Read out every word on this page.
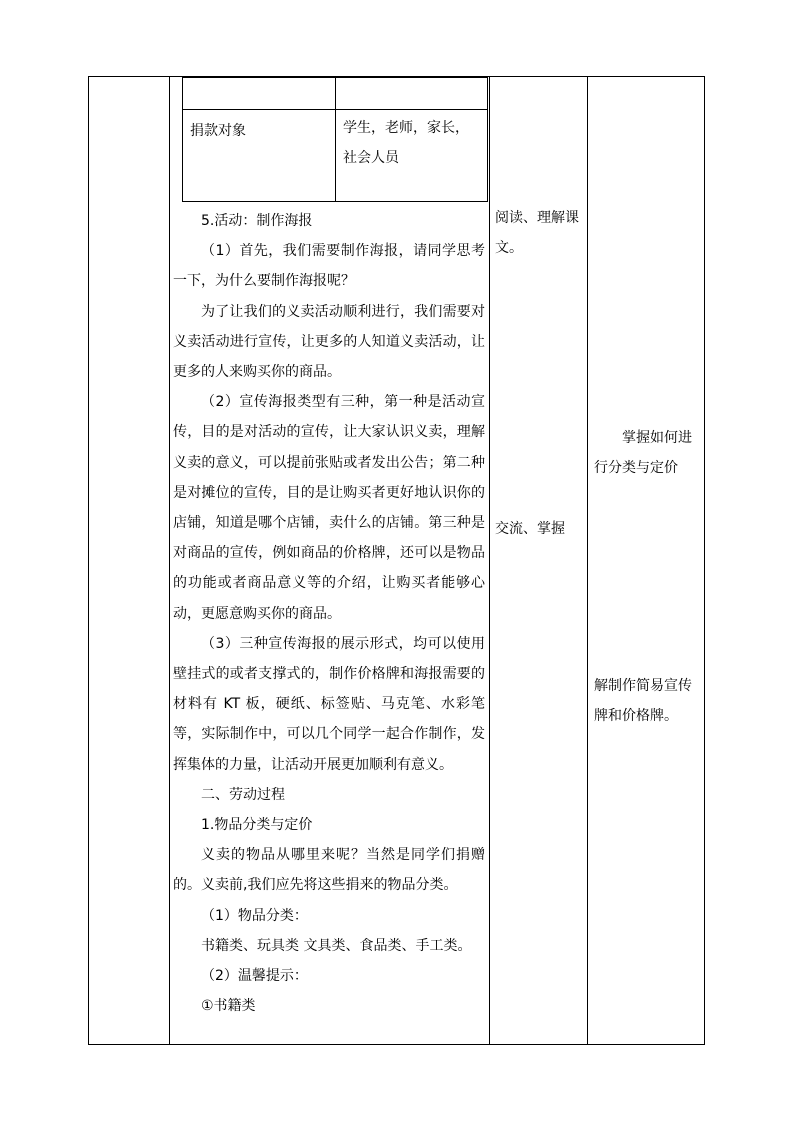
捐款对象	学生，老师，家长，社会人员

5.活动：制作海报

（1）首先，我们需要制作海报，请同学思考一下，为什么要制作海报呢？

为了让我们的义卖活动顺利进行，我们需要对义卖活动进行宣传，让更多的人知道义卖活动，让更多的人来购买你的商品。

（2）宣传海报类型有三种，第一种是活动宣传，目的是对活动的宣传，让大家认识义卖，理解义卖的意义，可以提前张贴或者发出公告；第二种是对摊位的宣传，目的是让购买者更好地认识你的店铺，知道是哪个店铺，卖什么的店铺。第三种是对商品的宣传，例如商品的价格牌，还可以是物品的功能或者商品意义等的介绍，让购买者能够心动，更愿意购买你的商品。

（3）三种宣传海报的展示形式，均可以使用壁挂式的或者支撑式的，制作价格牌和海报需要的材料有 KT 板，硬纸、标签贴、马克笔、水彩笔等，实际制作中，可以几个同学一起合作制作，发挥集体的力量，让活动开展更加顺利有意义。

二、劳动过程

1.物品分类与定价

义卖的物品从哪里来呢？当然是同学们捐赠的。义卖前,我们应先将这些捐来的物品分类。

（1）物品分类：

书籍类、玩具类 文具类、食品类、手工类。

（2）温馨提示：

①书籍类

阅读、理解课文。
交流、掌握
掌握如何进
行分类与定价
解制作简易宣传牌和价格牌。
